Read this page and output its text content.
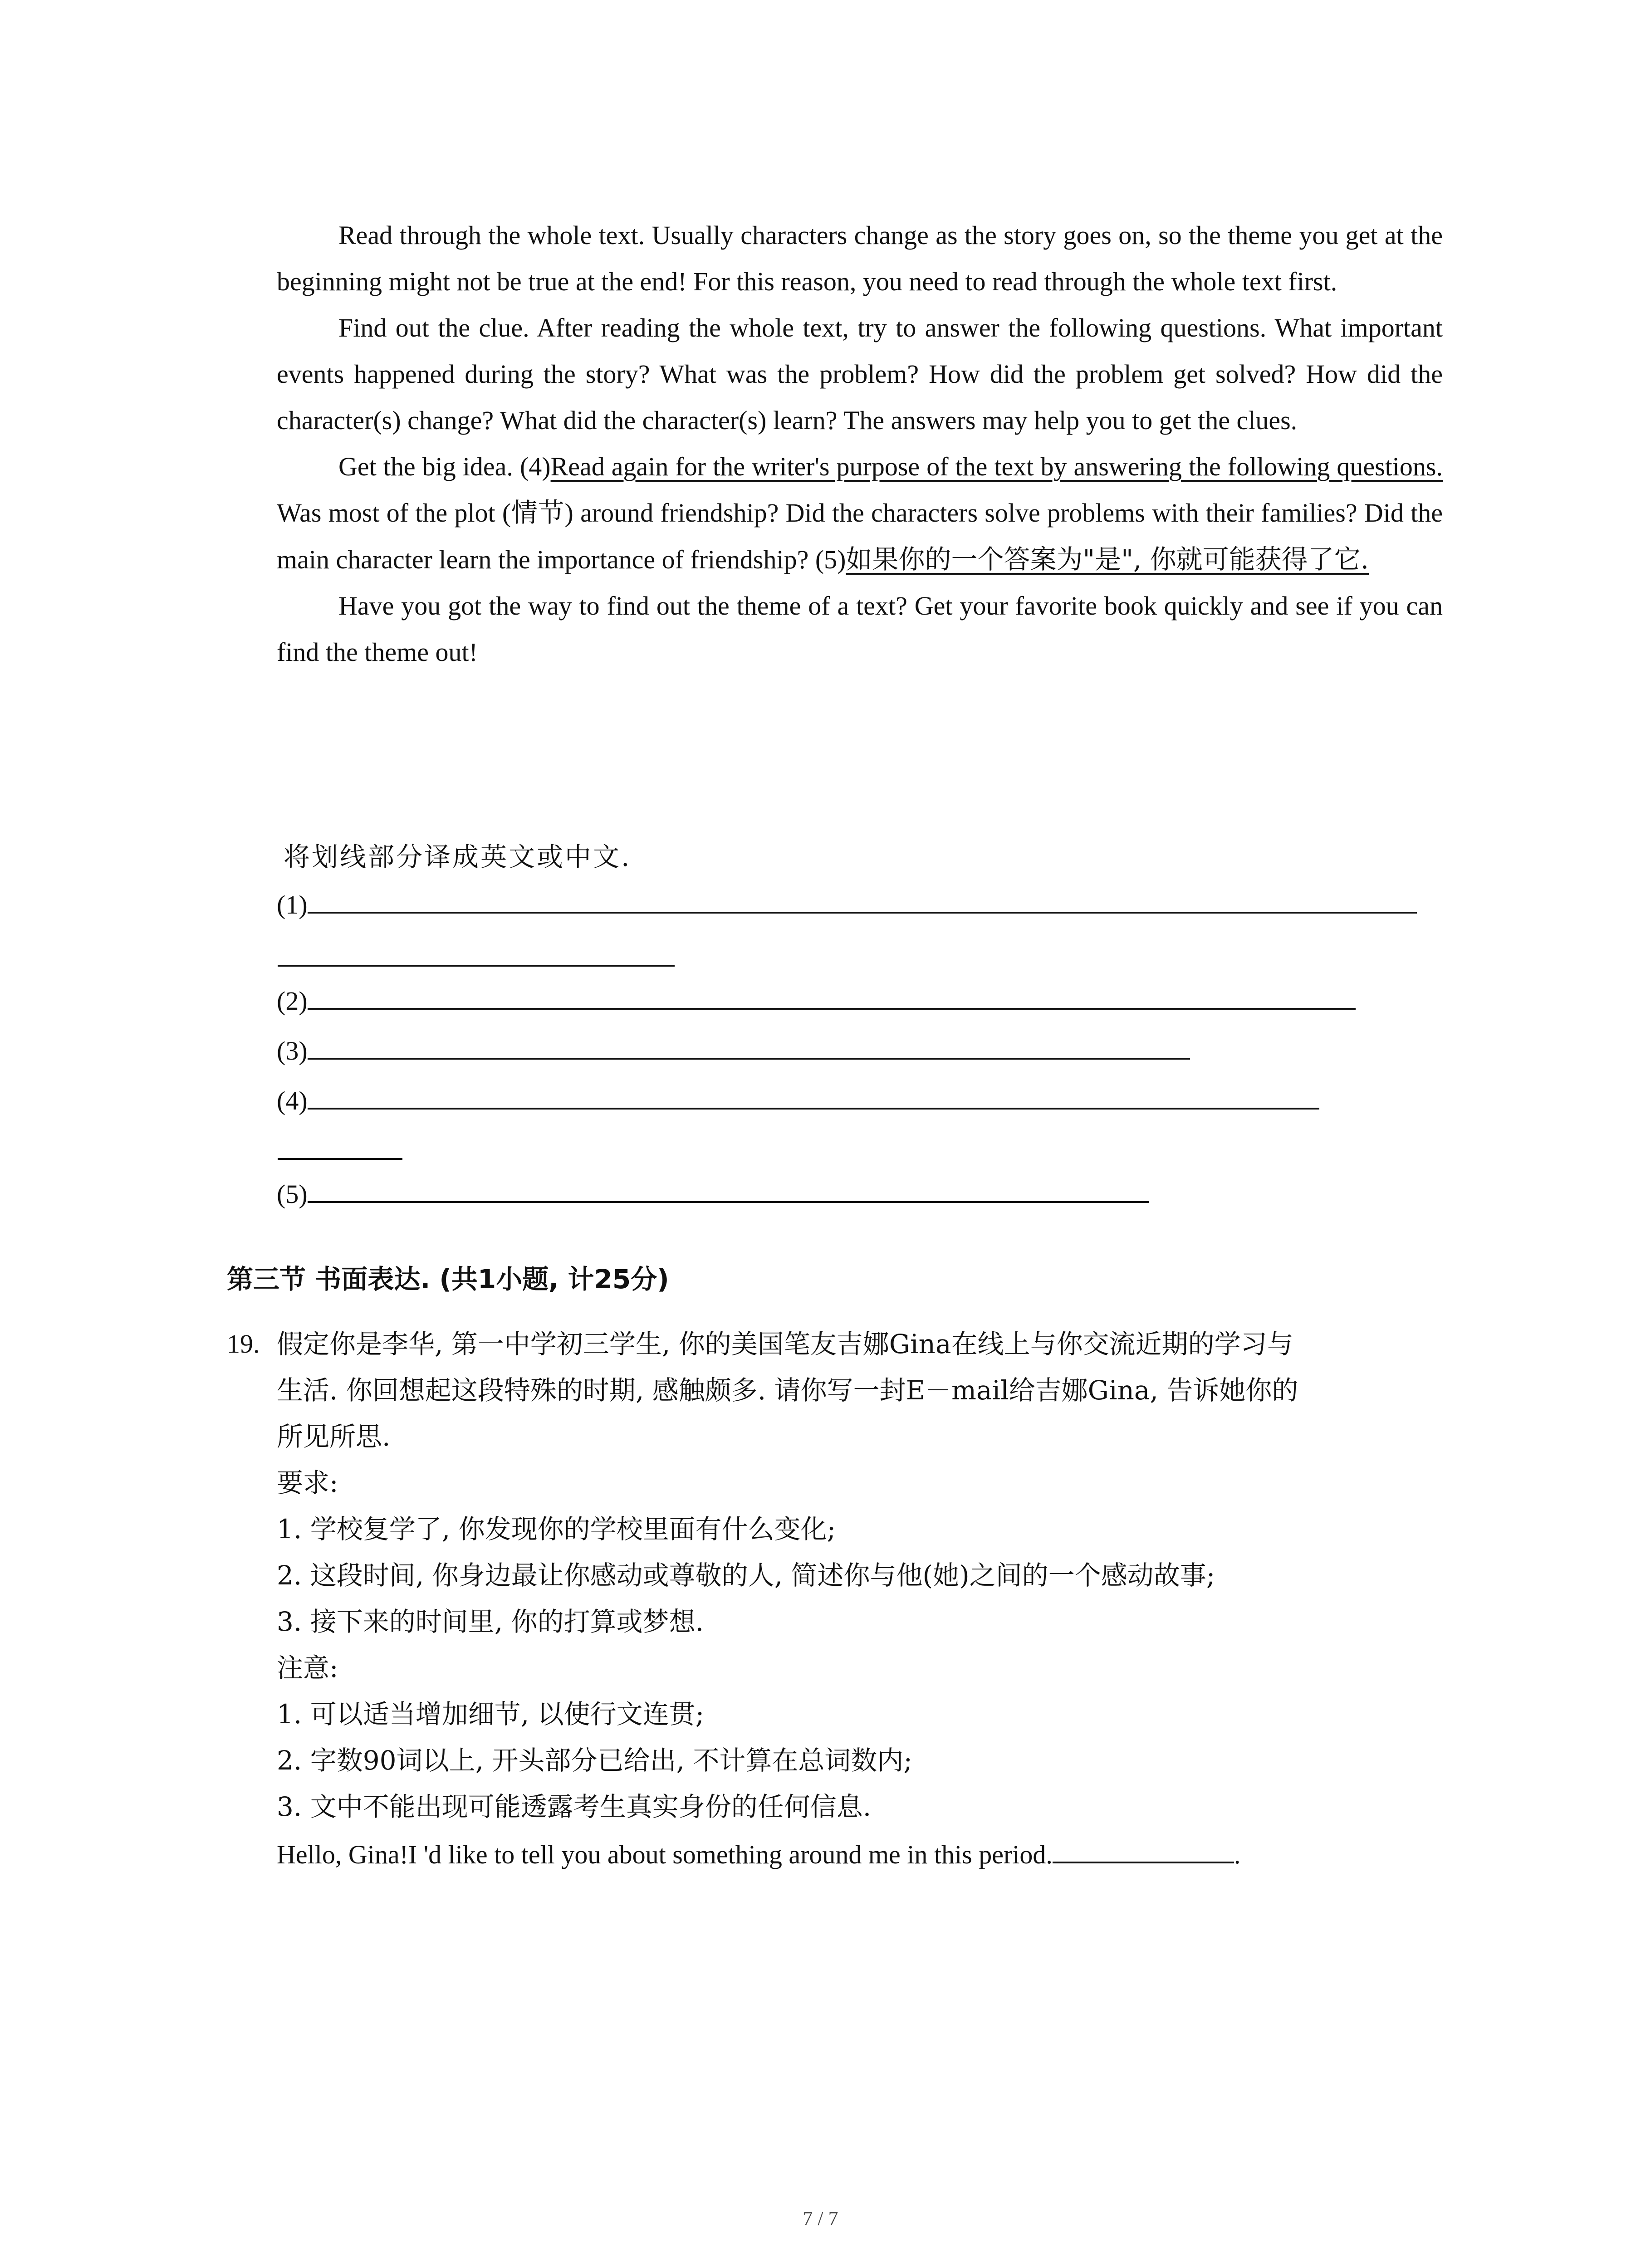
Read through the whole text. Usually characters change as the story goes on, so the theme you get at the beginning might not be true at the end! For this reason, you need to read through the whole text first.

Find out the clue. After reading the whole text, try to answer the following questions. What important events happened during the story? What was the problem? How did the problem get solved? How did the character(s) change? What did the character(s) learn? The answers may help you to get the clues.

Get the big idea. (4)Read again for the writer's purpose of the text by answering the following questions. Was most of the plot (情节) around friendship? Did the characters solve problems with their families? Did the main character learn the importance of friendship? (5)如果你的一个答案为"是", 你就可能获得了它.

Have you got the way to find out the theme of a text? Get your favorite book quickly and see if you can find the theme out!

将划线部分译成英文或中文.
(1)
(2)
(3)
(4)
(5)
第三节 书面表达. (共1小题, 计25分)
19. 假定你是李华, 第一中学初三学生, 你的美国笔友吉娜Gina在线上与你交流近期的学习与
生活. 你回想起这段特殊的时期, 感触颇多. 请你写一封E－mail给吉娜Gina, 告诉她你的
所见所思.
要求:
1. 学校复学了, 你发现你的学校里面有什么变化;
2. 这段时间, 你身边最让你感动或尊敬的人, 简述你与他(她)之间的一个感动故事;
3. 接下来的时间里, 你的打算或梦想.
注意:
1. 可以适当增加细节, 以使行文连贯;
2. 字数90词以上, 开头部分已给出, 不计算在总词数内;
3. 文中不能出现可能透露考生真实身份的任何信息.
Hello, Gina!I 'd like to tell you about something around me in this period.	.
7 / 7
